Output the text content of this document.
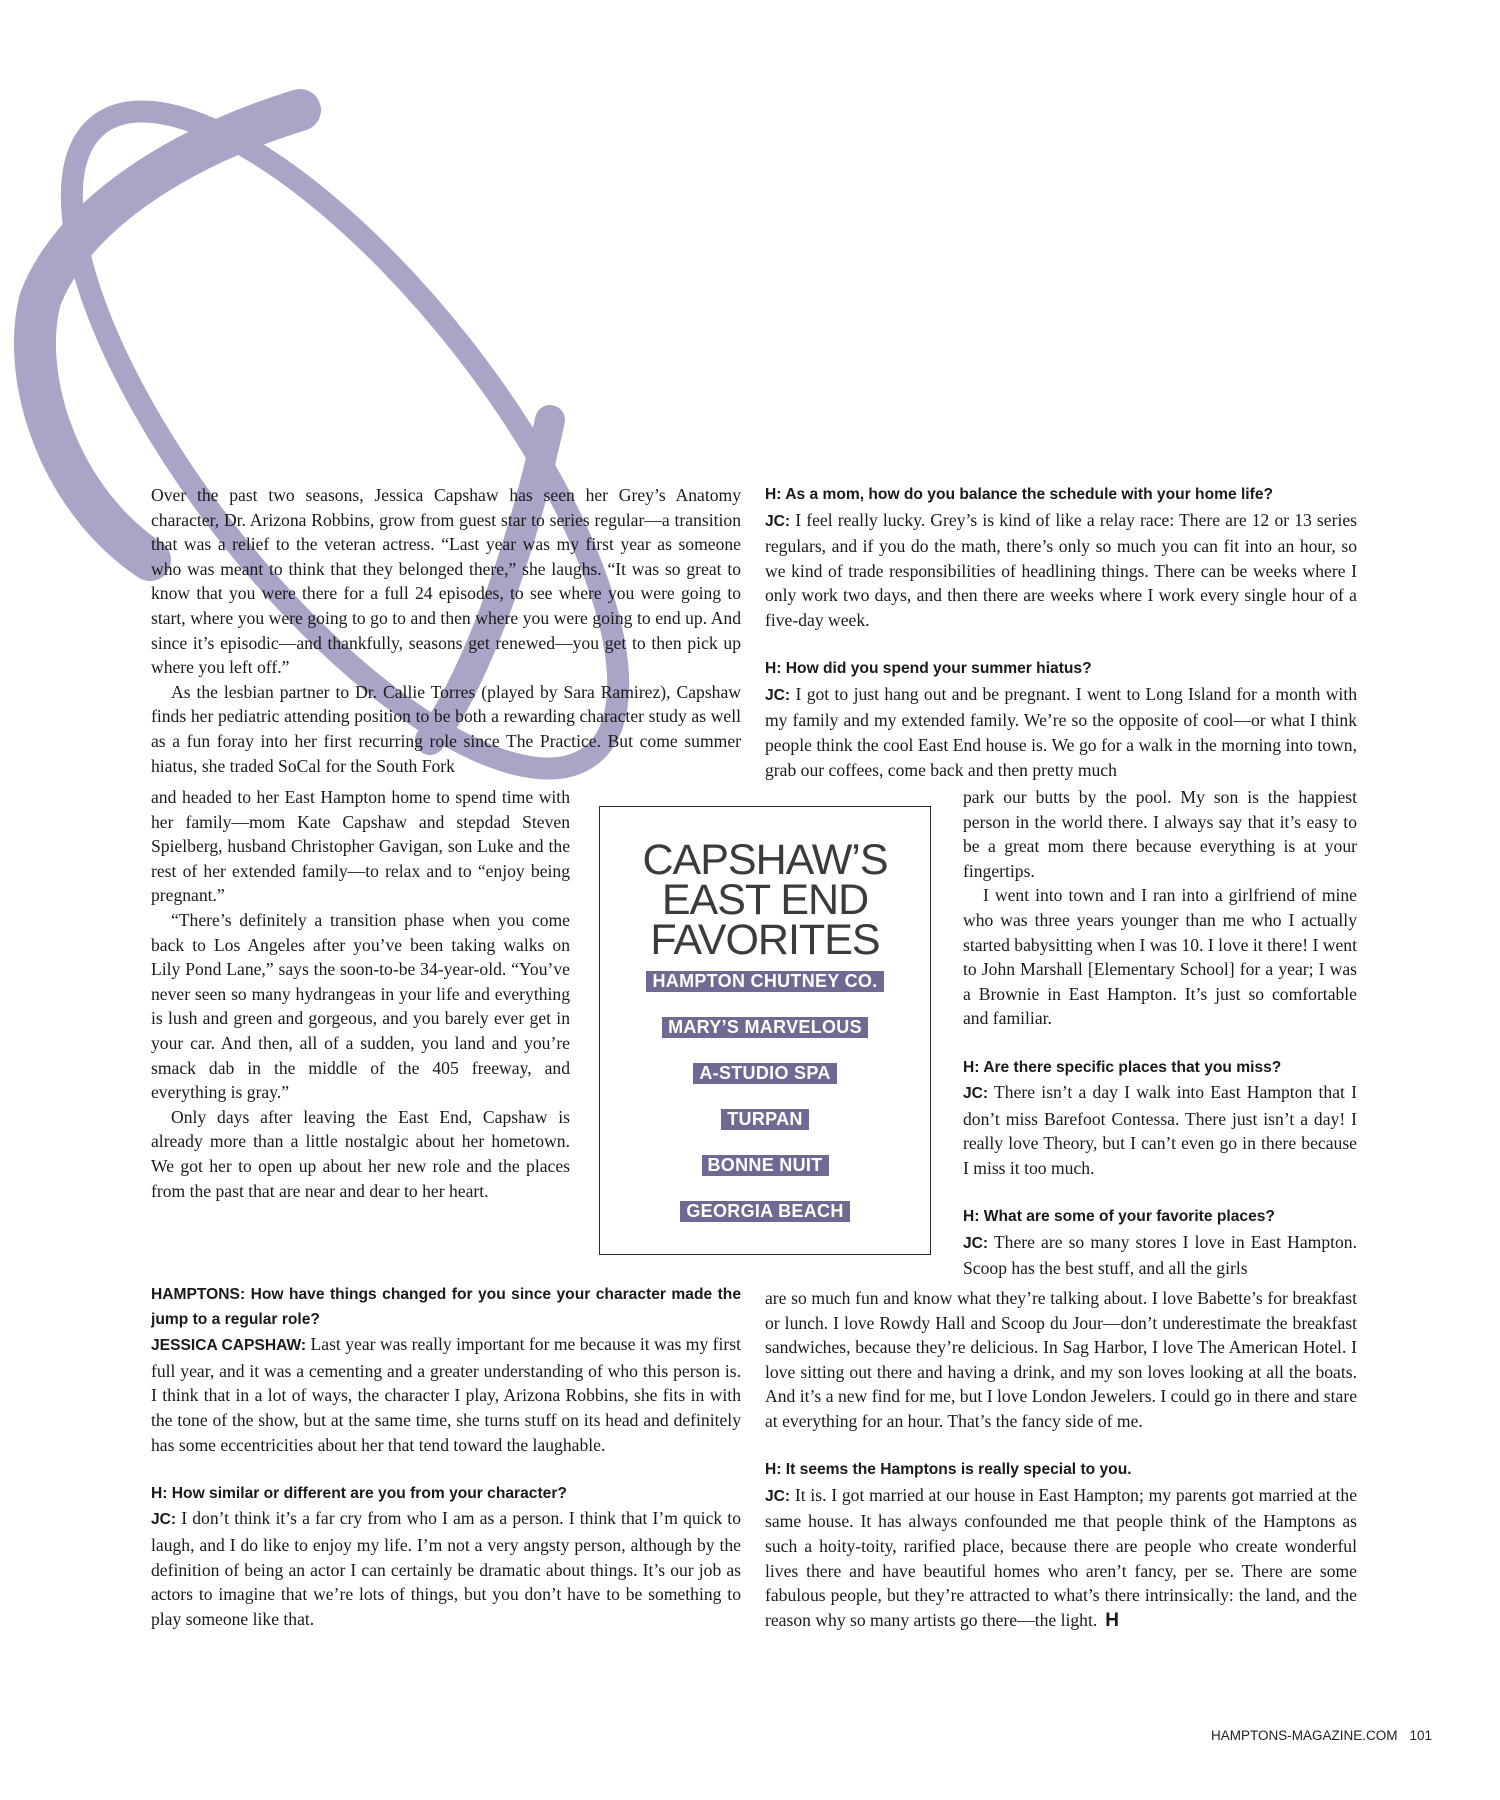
Over the past two seasons, Jessica Capshaw has seen her Grey’s Anatomy character, Dr. Arizona Robbins, grow from guest star to series regular—a transition that was a relief to the veteran actress. “Last year was my first year as someone who was meant to think that they belonged there,” she laughs. “It was so great to know that you were there for a full 24 episodes, to see where you were going to start, where you were going to go to and then where you were going to end up. And since it’s episodic—and thankfully, seasons get renewed—you get to then pick up where you left off.”

As the lesbian partner to Dr. Callie Torres (played by Sara Ramirez), Capshaw finds her pediatric attending position to be both a rewarding character study as well as a fun foray into her first recurring role since The Practice. But come summer hiatus, she traded SoCal for the South Fork

and headed to her East Hampton home to spend time with her family—mom Kate Capshaw and stepdad Steven Spielberg, husband Christopher Gavigan, son Luke and the rest of her extended family—to relax and to “enjoy being pregnant.”

“There’s definitely a transition phase when you come back to Los Angeles after you’ve been taking walks on Lily Pond Lane,” says the soon-to-be 34-year-old. “You’ve never seen so many hydrangeas in your life and everything is lush and green and gorgeous, and you barely ever get in your car. And then, all of a sudden, you land and you’re smack dab in the middle of the 405 freeway, and everything is gray.”

Only days after leaving the East End, Capshaw is already more than a little nostalgic about her hometown. We got her to open up about her new role and the places from the past that are near and dear to her heart.

HAMPTONS: How have things changed for you since your character made the jump to a regular role?

JESSICA CAPSHAW: Last year was really important for me because it was my first full year, and it was a cementing and a greater understanding of who this person is. I think that in a lot of ways, the character I play, Arizona Robbins, she fits in with the tone of the show, but at the same time, she turns stuff on its head and definitely has some eccentricities about her that tend toward the laughable.

H: How similar or different are you from your character?

JC: I don’t think it’s a far cry from who I am as a person. I think that I’m quick to laugh, and I do like to enjoy my life. I’m not a very angsty person, although by the definition of being an actor I can certainly be dramatic about things. It’s our job as actors to imagine that we’re lots of things, but you don’t have to be something to play someone like that.

H: As a mom, how do you balance the schedule with your home life?

JC: I feel really lucky. Grey’s is kind of like a relay race: There are 12 or 13 series regulars, and if you do the math, there’s only so much you can fit into an hour, so we kind of trade responsibilities of headlining things. There can be weeks where I only work two days, and then there are weeks where I work every single hour of a five-day week.

H: How did you spend your summer hiatus?

JC: I got to just hang out and be pregnant. I went to Long Island for a month with my family and my extended family. We’re so the opposite of cool—or what I think people think the cool East End house is. We go for a walk in the morning into town, grab our coffees, come back and then pretty much

park our butts by the pool. My son is the happiest person in the world there. I always say that it’s easy to be a great mom there because everything is at your fingertips.

I went into town and I ran into a girlfriend of mine who was three years younger than me who I actually started babysitting when I was 10. I love it there! I went to John Marshall [Elementary School] for a year; I was a Brownie in East Hampton. It’s just so comfortable and familiar.

H: Are there specific places that you miss?

JC: There isn’t a day I walk into East Hampton that I don’t miss Barefoot Contessa. There just isn’t a day! I really love Theory, but I can’t even go in there because I miss it too much.

H: What are some of your favorite places?

JC: There are so many stores I love in East Hampton. Scoop has the best stuff, and all the girls

are so much fun and know what they’re talking about. I love Babette’s for breakfast or lunch. I love Rowdy Hall and Scoop du Jour—don’t underestimate the breakfast sandwiches, because they’re delicious. In Sag Harbor, I love The American Hotel. I love sitting out there and having a drink, and my son loves looking at all the boats. And it’s a new find for me, but I love London Jewelers. I could go in there and stare at everything for an hour. That’s the fancy side of me.

H: It seems the Hamptons is really special to you.

JC: It is. I got married at our house in East Hampton; my parents got married at the same house. It has always confounded me that people think of the Hamptons as such a hoity-toity, rarified place, because there are people who create wonderful lives there and have beautiful homes who aren’t fancy, per se. There are some fabulous people, but they’re attracted to what’s there intrinsically: the land, and the reason why so many artists go there—the light. H

CAPSHAW’S
EAST END
FAVORITES
HAMPTON CHUTNEY CO.
MARY’S MARVELOUS
A-STUDIO SPA
TURPAN
BONNE NUIT
GEORGIA BEACH
HAMPTONS-MAGAZINE.COM 101
